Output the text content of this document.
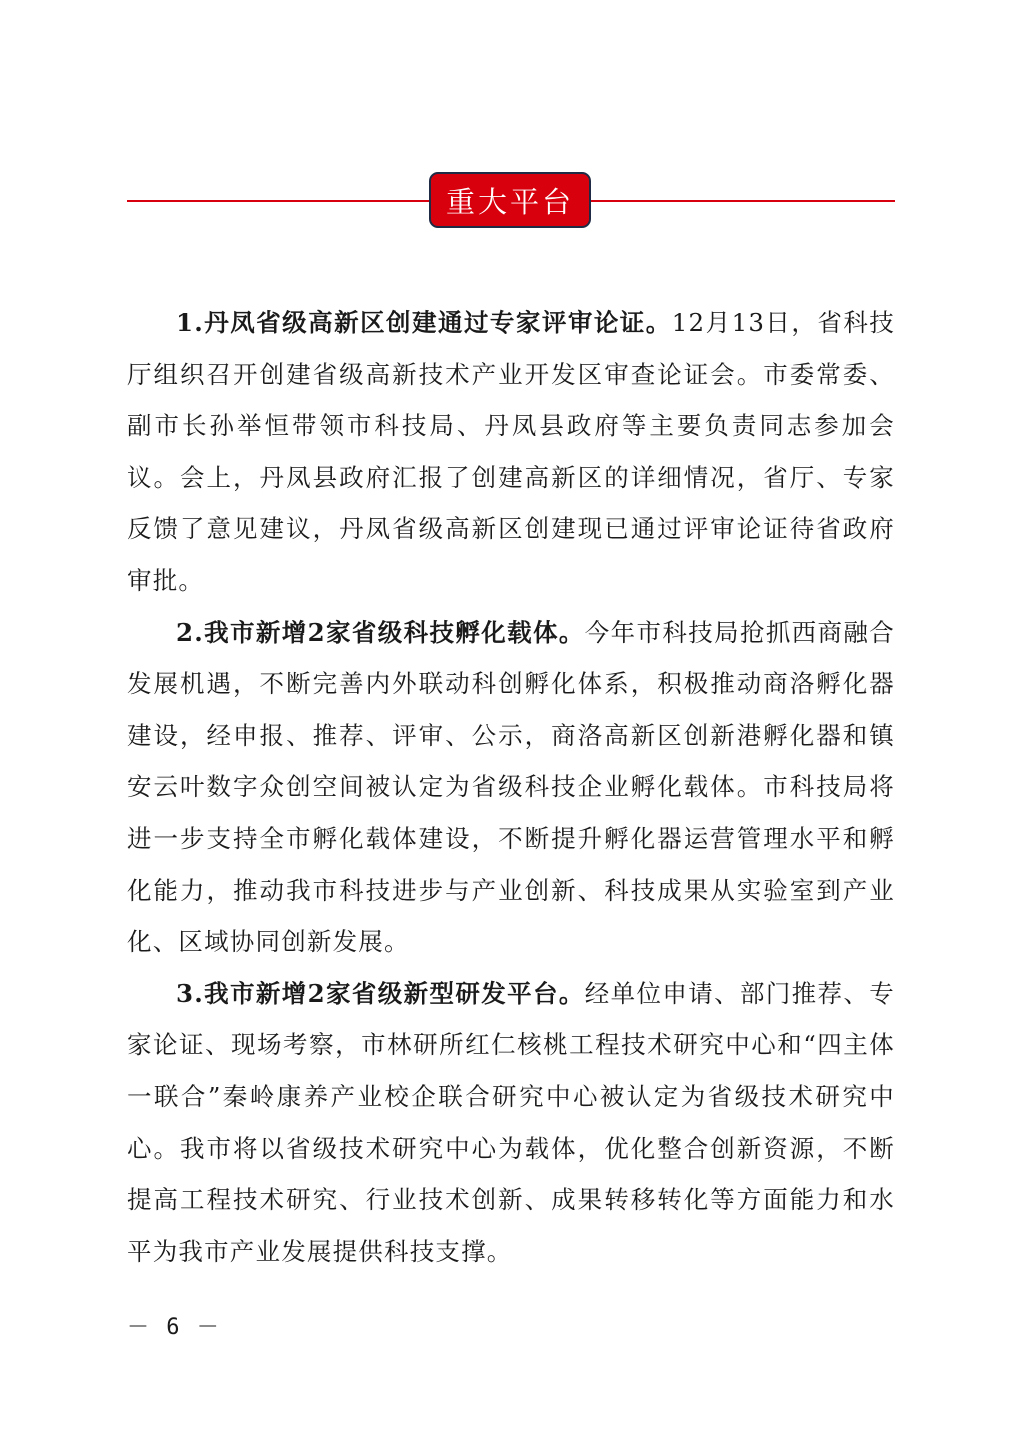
重大平台

1.丹凤省级高新区创建通过专家评审论证。12月13日，省科技厅组织召开创建省级高新技术产业开发区审查论证会。市委常委、副市长孙举恒带领市科技局、丹凤县政府等主要负责同志参加会议。会上，丹凤县政府汇报了创建高新区的详细情况，省厅、专家反馈了意见建议，丹凤省级高新区创建现已通过评审论证待省政府审批。

2.我市新增2家省级科技孵化载体。今年市科技局抢抓西商融合发展机遇，不断完善内外联动科创孵化体系，积极推动商洛孵化器建设，经申报、推荐、评审、公示，商洛高新区创新港孵化器和镇安云叶数字众创空间被认定为省级科技企业孵化载体。市科技局将进一步支持全市孵化载体建设，不断提升孵化器运营管理水平和孵化能力，推动我市科技进步与产业创新、科技成果从实验室到产业化、区域协同创新发展。

3.我市新增2家省级新型研发平台。经单位申请、部门推荐、专家论证、现场考察，市林研所红仁核桃工程技术研究中心和“四主体一联合”秦岭康养产业校企联合研究中心被认定为省级技术研究中心。我市将以省级技术研究中心为载体，优化整合创新资源，不断提高工程技术研究、行业技术创新、成果转移转化等方面能力和水平为我市产业发展提供科技支撑。

－ 6 －
